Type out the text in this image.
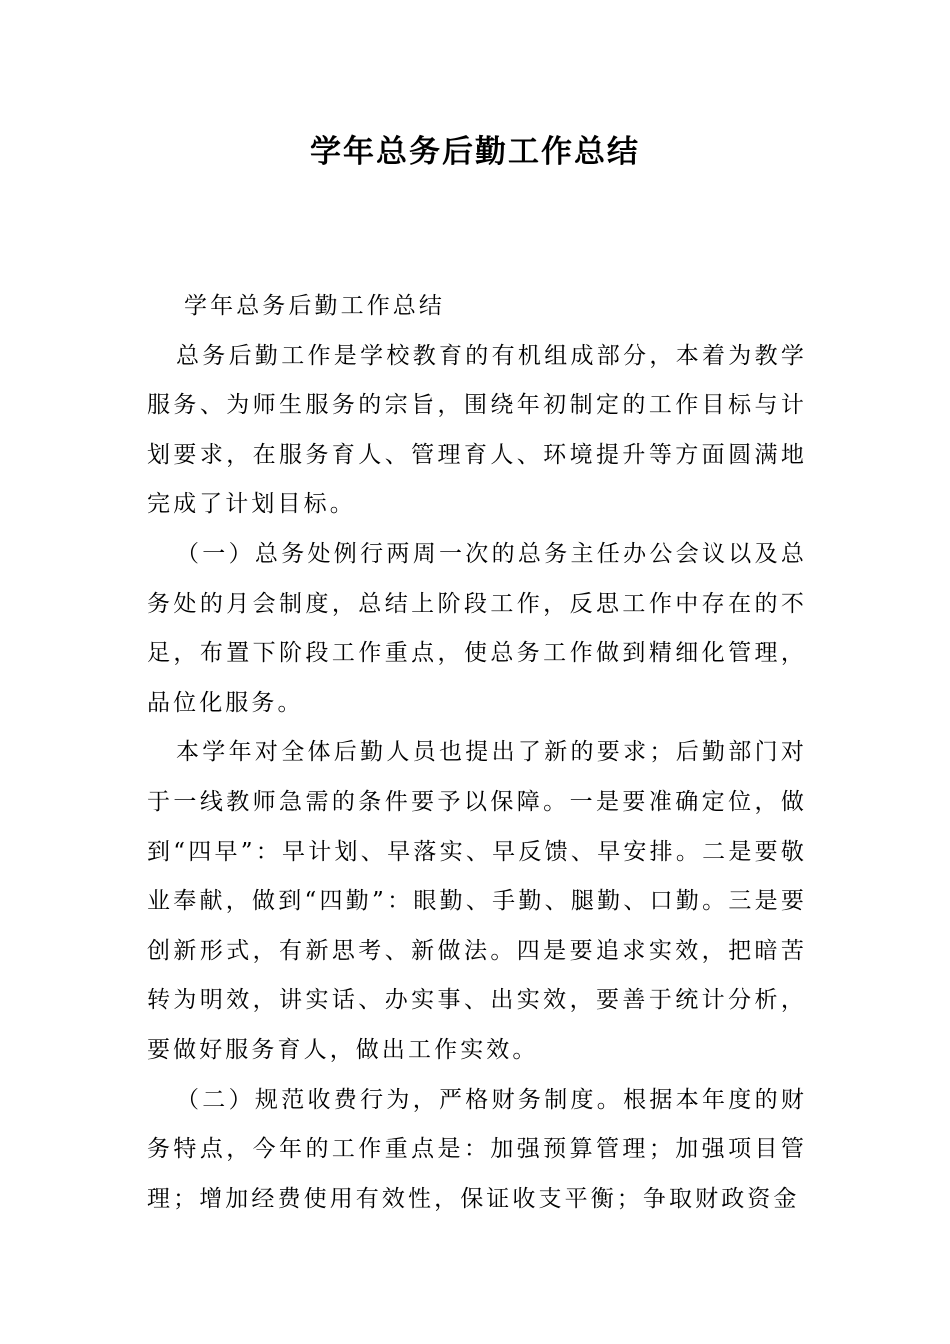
学年总务后勤工作总结

学年总务后勤工作总结

总务后勤工作是学校教育的有机组成部分，本着为教学服务、为师生服务的宗旨，围绕年初制定的工作目标与计划要求，在服务育人、管理育人、环境提升等方面圆满地完成了计划目标。

（一）总务处例行两周一次的总务主任办公会议以及总务处的月会制度，总结上阶段工作，反思工作中存在的不足，布置下阶段工作重点，使总务工作做到精细化管理，品位化服务。

本学年对全体后勤人员也提出了新的要求；后勤部门对于一线教师急需的条件要予以保障。一是要准确定位，做到“四早”：早计划、早落实、早反馈、早安排。二是要敬业奉献，做到“四勤”：眼勤、手勤、腿勤、口勤。三是要创新形式，有新思考、新做法。四是要追求实效，把暗苦转为明效，讲实话、办实事、出实效，要善于统计分析，要做好服务育人，做出工作实效。

（二）规范收费行为，严格财务制度。根据本年度的财务特点，今年的工作重点是：加强预算管理；加强项目管理；增加经费使用有效性，保证收支平衡；争取财政资金
